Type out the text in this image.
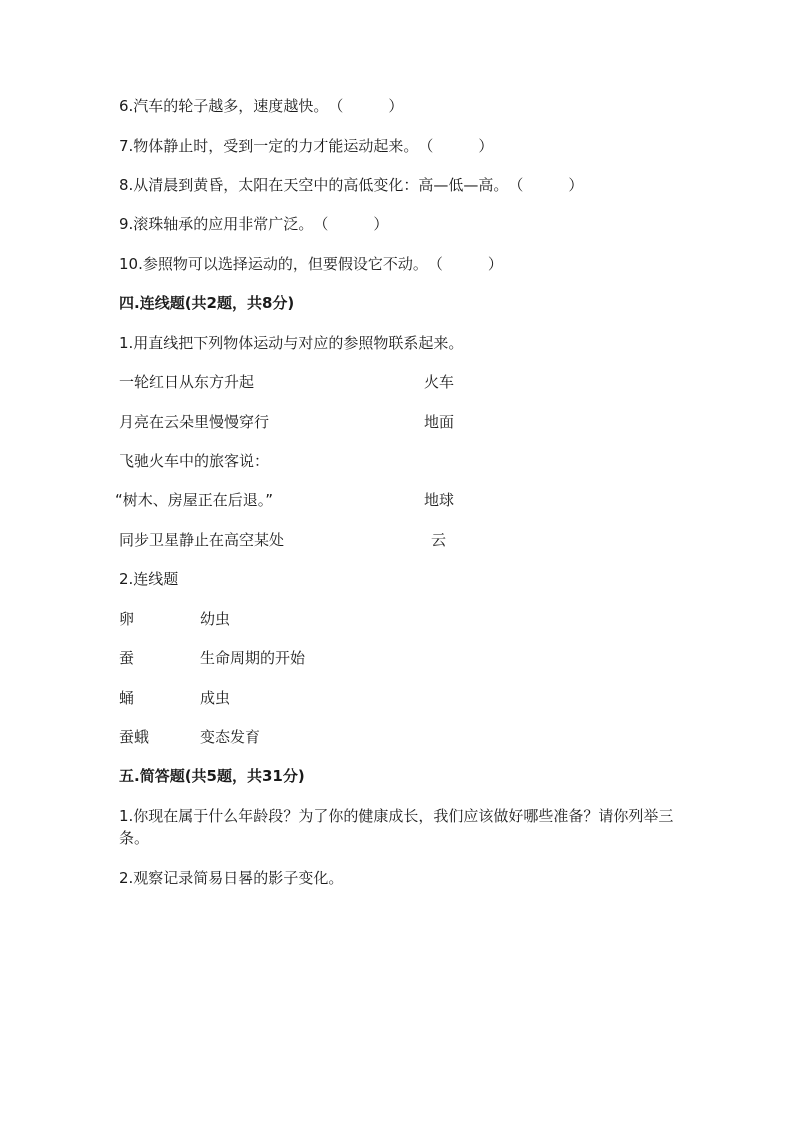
6.汽车的轮子越多，速度越快。（　　　）
7.物体静止时，受到一定的力才能运动起来。（　　　）
8.从清晨到黄昏，太阳在天空中的高低变化：高—低—高。（　　　）
9.滚珠轴承的应用非常广泛。（　　　）
10.参照物可以选择运动的，但要假设它不动。（　　　）
四.连线题(共2题，共8分)
1.用直线把下列物体运动与对应的参照物联系起来。
一轮红日从东方升起	火车
月亮在云朵里慢慢穿行	地面
飞驰火车中的旅客说：
“树木、房屋正在后退。”	地球
同步卫星静止在高空某处	云
2.连线题
卵	幼虫
蚕	生命周期的开始
蛹	成虫
蚕蛾	变态发育
五.简答题(共5题，共31分)
1.你现在属于什么年龄段？为了你的健康成长，我们应该做好哪些准备？请你列举三条。
2.观察记录简易日晷的影子变化。
